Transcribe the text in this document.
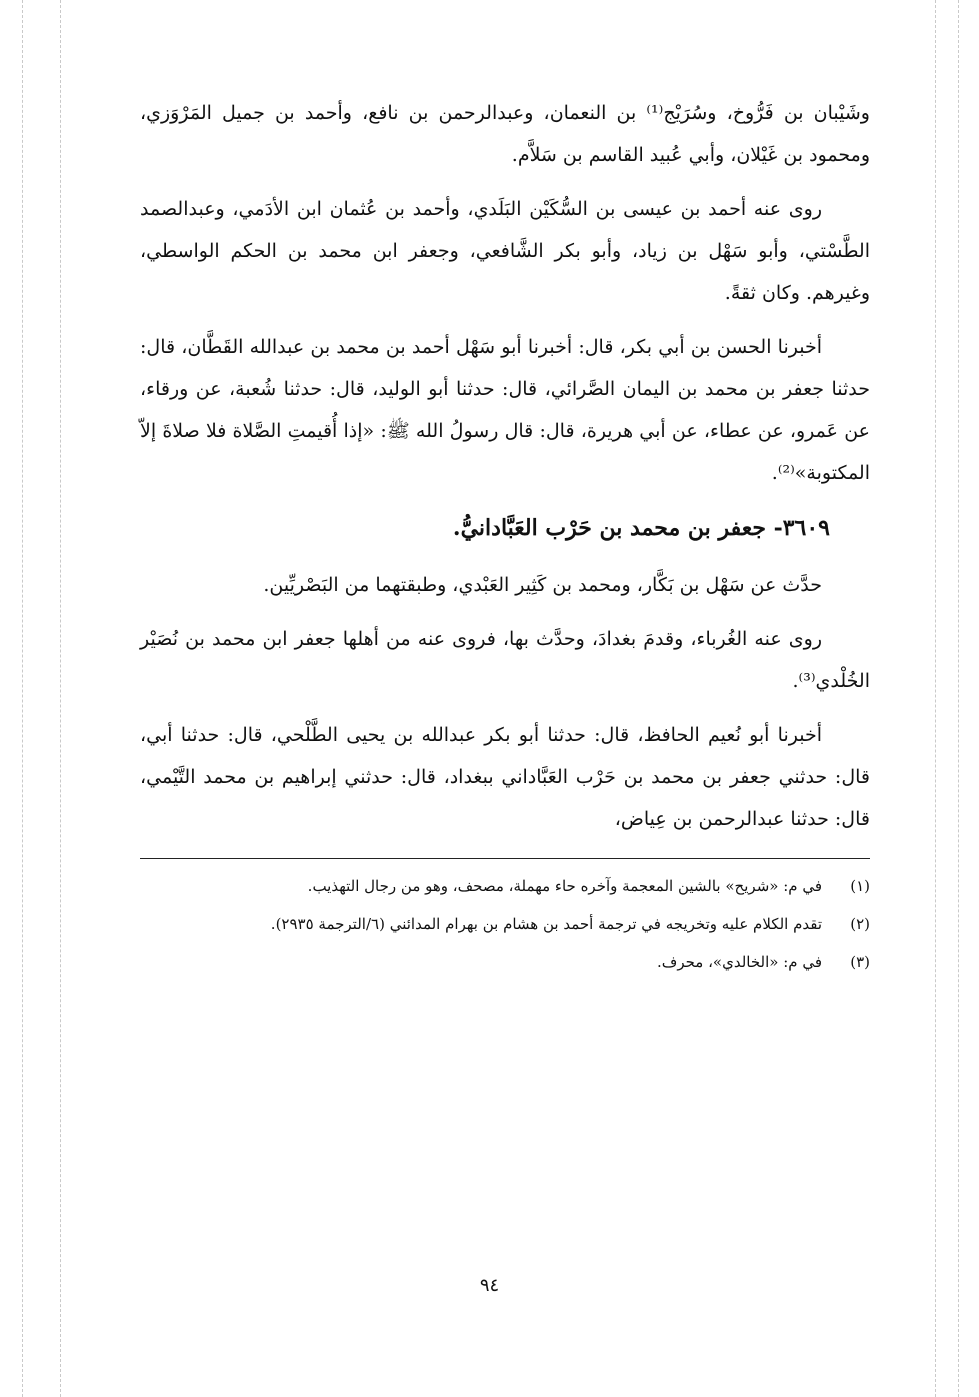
وشَيْبان بن فَرُّوخ، وسُرَيْج⁽¹⁾ بن النعمان، وعبدالرحمن بن نافع، وأحمد بن جميل المَرْوَزي، ومحمود بن غَيْلان، وأبي عُبيد القاسم بن سَلاَّم.

روى عنه أحمد بن عيسى بن السُّكَيْن البَلَدي، وأحمد بن عُثمان ابن الأدَمي، وعبدالصمد الطَّسْتي، وأبو سَهْل بن زياد، وأبو بكر الشَّافعي، وجعفر ابن محمد بن الحكم الواسطي، وغيرهم. وكان ثقةً.

أخبرنا الحسن بن أبي بكر، قال: أخبرنا أبو سَهْل أحمد بن محمد بن عبدالله القَطَّان، قال: حدثنا جعفر بن محمد بن اليمان الصَّرائي، قال: حدثنا أبو الوليد، قال: حدثنا شُعبة، عن ورقاء، عن عَمرو، عن عطاء، عن أبي هريرة، قال: قال رسولُ الله ﷺ: «إذا أُقيمتِ الصَّلاة فلا صلاةَ إلاّ المكتوبة»⁽²⁾.

٣٦٠٩- جعفر بن محمد بن حَرْب العَبَّادانيُّ.

حدَّث عن سَهْل بن بَكَّار، ومحمد بن كَثِير العَبْدي، وطبقتهما من البَصْريِّين.

روى عنه الغُرباء، وقدمَ بغدادَ، وحدَّث بها، فروى عنه من أهلها جعفر ابن محمد بن نُصَيْر الخُلْدي⁽³⁾.

أخبرنا أبو نُعيم الحافظ، قال: حدثنا أبو بكر عبدالله بن يحيى الطَّلْحي، قال: حدثنا أبي، قال: حدثني جعفر بن محمد بن حَرْب العَبَّاداني ببغداد، قال: حدثني إبراهيم بن محمد التَّيْمي، قال: حدثنا عبدالرحمن بن عِياض،

(١)
في م: «شريح» بالشين المعجمة وآخره حاء مهملة، مصحف، وهو من رجال التهذيب.
(٢)
تقدم الكلام عليه وتخريجه في ترجمة أحمد بن هشام بن بهرام المدائني (٦/الترجمة ٢٩٣٥).
(٣)
في م: «الخالدي»، محرف.
٩٤
